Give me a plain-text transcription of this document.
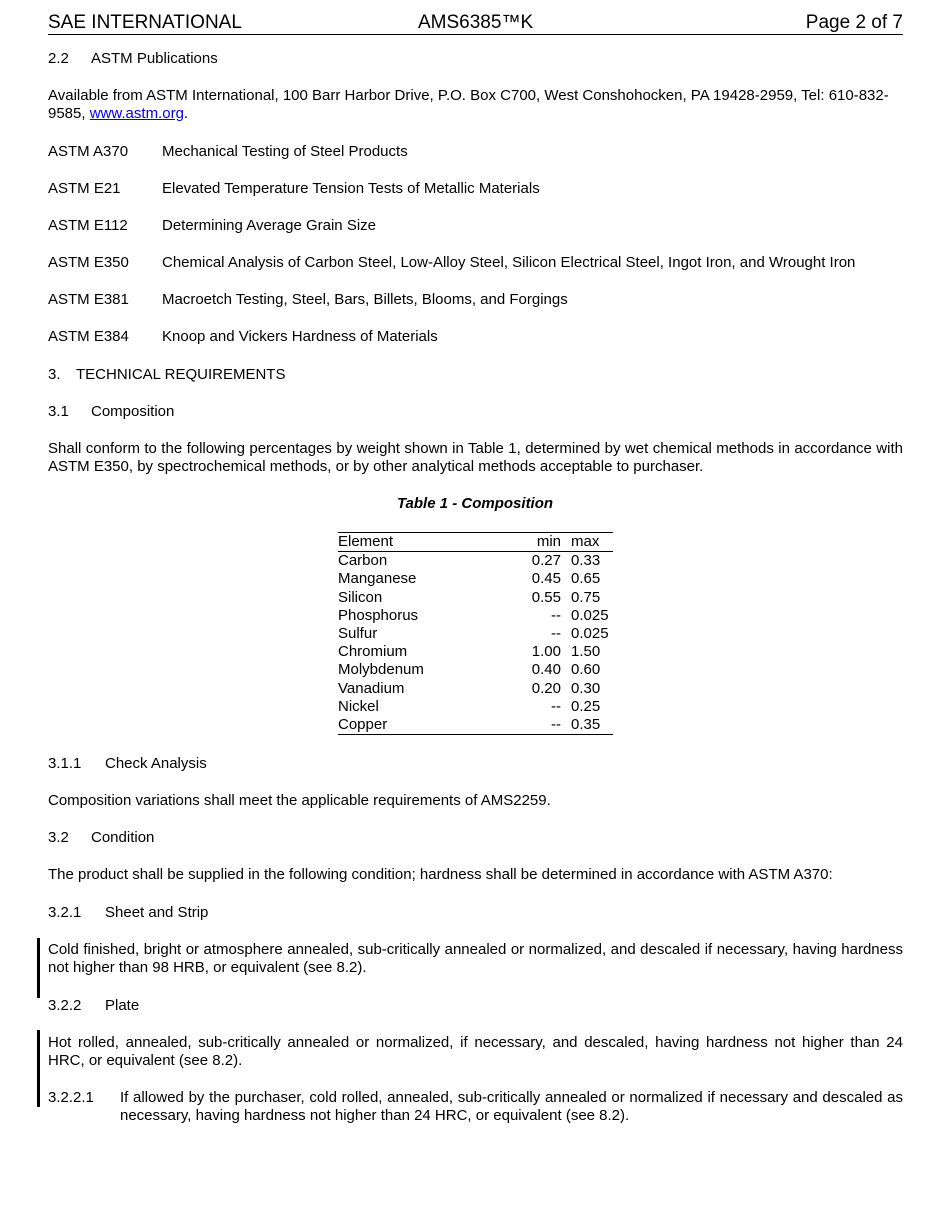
SAE INTERNATIONAL	AMS6385™K	Page 2 of 7

2.2 ASTM Publications

Available from ASTM International, 100 Barr Harbor Drive, P.O. Box C700, West Conshohocken, PA 19428-2959, Tel: 610-832-9585, www.astm.org.

ASTM A370 Mechanical Testing of Steel Products
ASTM E21	Elevated Temperature Tension Tests of Metallic Materials
ASTM E112 Determining Average Grain Size
ASTM E350 Chemical Analysis of Carbon Steel, Low-Alloy Steel, Silicon Electrical Steel, Ingot Iron, and Wrought Iron
ASTM E381 Macroetch Testing, Steel, Bars, Billets, Blooms, and Forgings
ASTM E384 Knoop and Vickers Hardness of Materials

3. TECHNICAL REQUIREMENTS

3.1 Composition

Shall conform to the following percentages by weight shown in Table 1, determined by wet chemical methods in accordance with ASTM E350, by spectrochemical methods, or by other analytical methods acceptable to purchaser.

Table 1 - Composition
Element	min	max
Carbon	0.27	0.33
Manganese	0.45	0.65
Silicon	0.55	0.75
Phosphorus	--	0.025
Sulfur	--	0.025
Chromium	1.00	1.50
Molybdenum	0.40	0.60
Vanadium	0.20	0.30
Nickel	--	0.25
Copper	--	0.35

3.1.1 Check Analysis

Composition variations shall meet the applicable requirements of AMS2259.

3.2 Condition

The product shall be supplied in the following condition; hardness shall be determined in accordance with ASTM A370:

3.2.1 Sheet and Strip

Cold finished, bright or atmosphere annealed, sub-critically annealed or normalized, and descaled if necessary, having hardness not higher than 98 HRB, or equivalent (see 8.2).

3.2.2 Plate

Hot rolled, annealed, sub-critically annealed or normalized, if necessary, and descaled, having hardness not higher than 24 HRC, or equivalent (see 8.2).

3.2.2.1 If allowed by the purchaser, cold rolled, annealed, sub-critically annealed or normalized if necessary and descaled as necessary, having hardness not higher than 24 HRC, or equivalent (see 8.2).
